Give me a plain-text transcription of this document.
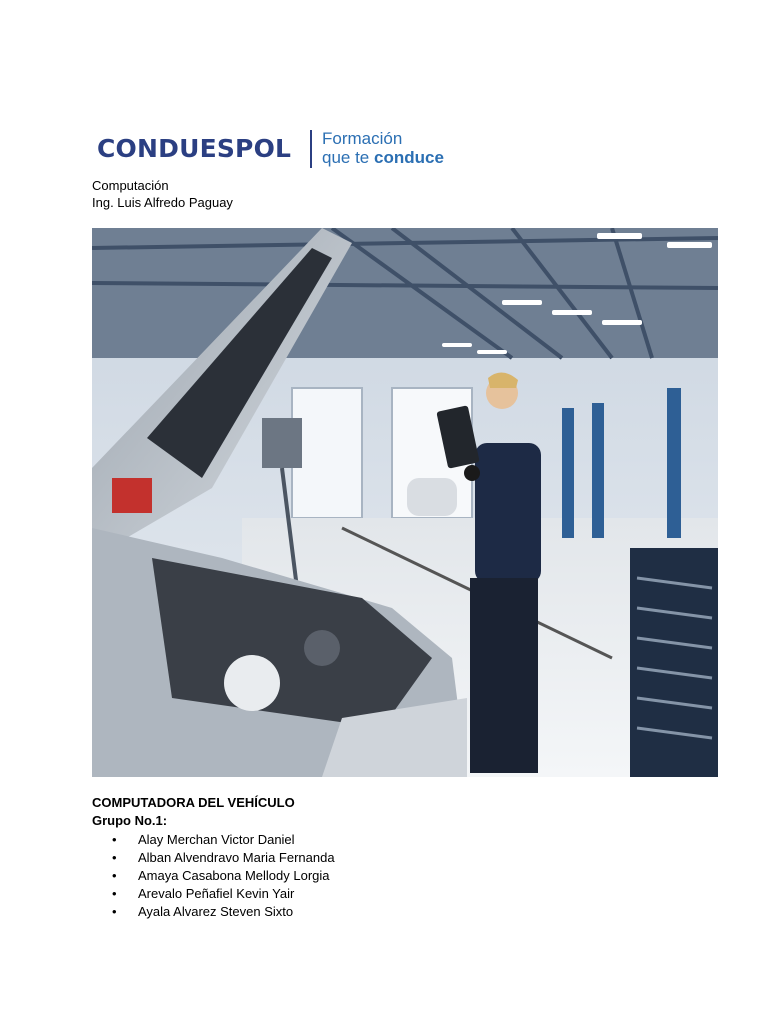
CONDUESPOL Formación
que te conduce
Computación
Ing. Luis Alfredo Paguay
COMPUTADORA DEL VEHÍCULO
Grupo No.1:
• Alay Merchan Victor Daniel
• Alban Alvendravo Maria Fernanda
• Amaya Casabona Mellody Lorgia
• Arevalo Peñafiel Kevin Yair
• Ayala Alvarez Steven Sixto
